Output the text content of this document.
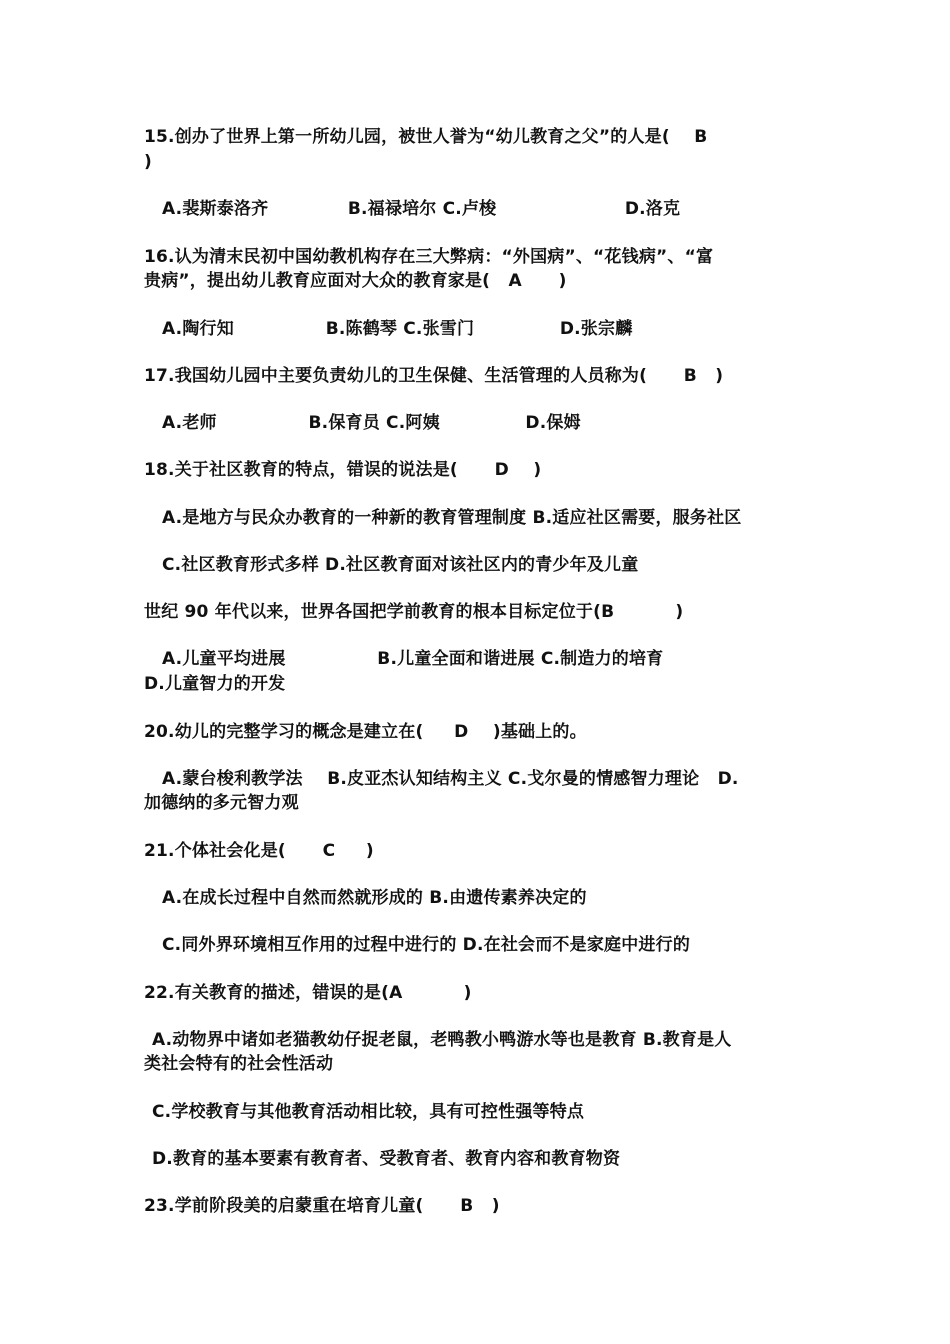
15.创办了世界上第一所幼儿园，被世人誉为“幼儿教育之父”的人是(    B
)
A.裴斯泰洛齐             B.福禄培尔 C.卢梭                     D.洛克
16.认为清末民初中国幼教机构存在三大弊病：“外国病”、“花钱病”、“富
贵病”，提出幼儿教育应面对大众的教育家是(   A      )
A.陶行知               B.陈鹤琴 C.张雪门              D.张宗麟
17.我国幼儿园中主要负责幼儿的卫生保健、生活管理的人员称为(      B   )
A.老师               B.保育员 C.阿姨              D.保姆
18.关于社区教育的特点，错误的说法是(      D    )
A.是地方与民众办教育的一种新的教育管理制度 B.适应社区需要，服务社区
C.社区教育形式多样 D.社区教育面对该社区内的青少年及儿童
世纪 90 年代以来，世界各国把学前教育的根本目标定位于(B          )
A.儿童平均进展               B.儿童全面和谐进展 C.制造力的培育
D.儿童智力的开发
20.幼儿的完整学习的概念是建立在(     D    )基础上的。
A.蒙台梭利教学法    B.皮亚杰认知结构主义 C.戈尔曼的情感智力理论   D.
加德纳的多元智力观
21.个体社会化是(      C     )
A.在成长过程中自然而然就形成的 B.由遗传素养决定的
C.同外界环境相互作用的过程中进行的 D.在社会而不是家庭中进行的
22.有关教育的描述，错误的是(A          )
A.动物界中诸如老猫教幼仔捉老鼠，老鸭教小鸭游水等也是教育 B.教育是人
类社会特有的社会性活动
C.学校教育与其他教育活动相比较，具有可控性强等特点
D.教育的基本要素有教育者、受教育者、教育内容和教育物资
23.学前阶段美的启蒙重在培育儿童(      B   )
